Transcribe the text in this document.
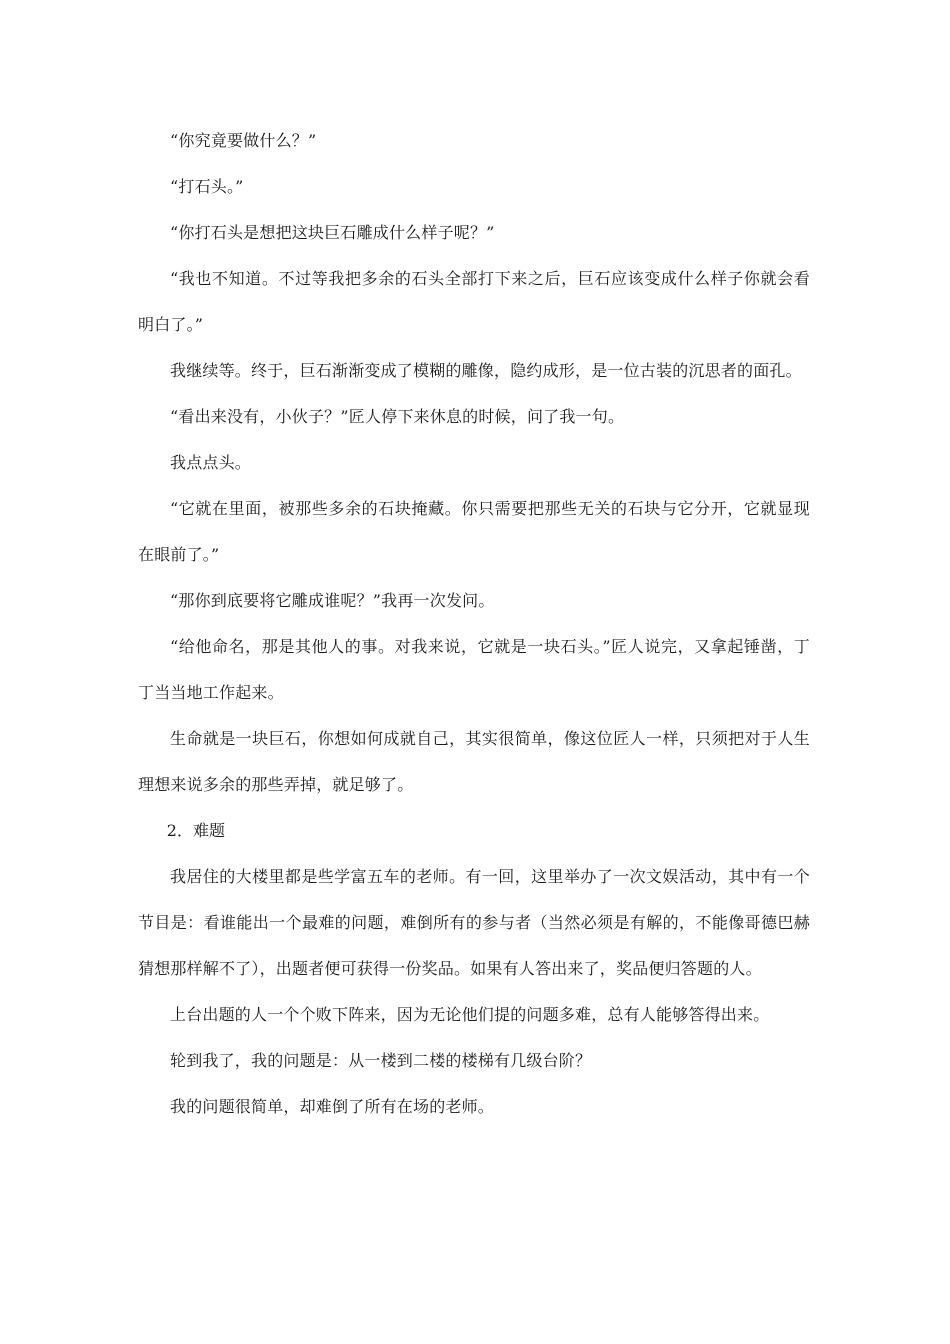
“你究竟要做什么？”

“打石头。”

“你打石头是想把这块巨石雕成什么样子呢？”

“我也不知道。不过等我把多余的石头全部打下来之后，巨石应该变成什么样子你就会看明白了。”

我继续等。终于，巨石渐渐变成了模糊的雕像，隐约成形，是一位古装的沉思者的面孔。

“看出来没有，小伙子？”匠人停下来休息的时候，问了我一句。

我点点头。

“它就在里面，被那些多余的石块掩藏。你只需要把那些无关的石块与它分开，它就显现在眼前了。”

“那你到底要将它雕成谁呢？”我再一次发问。

“给他命名，那是其他人的事。对我来说，它就是一块石头。”匠人说完，又拿起锤凿，丁丁当当地工作起来。

生命就是一块巨石，你想如何成就自己，其实很简单，像这位匠人一样，只须把对于人生理想来说多余的那些弄掉，就足够了。

2．难题

我居住的大楼里都是些学富五车的老师。有一回，这里举办了一次文娱活动，其中有一个节目是：看谁能出一个最难的问题，难倒所有的参与者（当然必须是有解的，不能像哥德巴赫猜想那样解不了），出题者便可获得一份奖品。如果有人答出来了，奖品便归答题的人。

上台出题的人一个个败下阵来，因为无论他们提的问题多难，总有人能够答得出来。

轮到我了，我的问题是：从一楼到二楼的楼梯有几级台阶？

我的问题很简单，却难倒了所有在场的老师。
